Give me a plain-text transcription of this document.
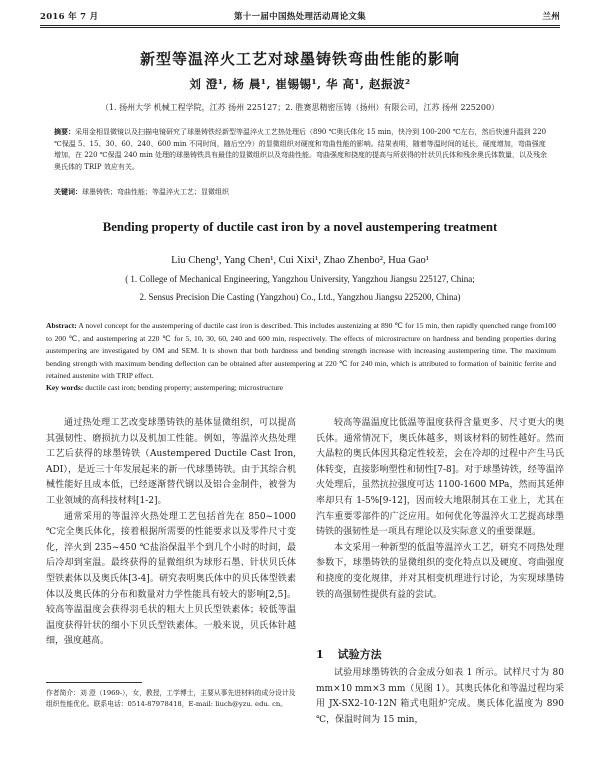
2016 年 7 月	第十一届中国热处理活动周论文集	兰州
新型等温淬火工艺对球墨铸铁弯曲性能的影响
刘 澄¹, 杨 晨¹, 崔锡锡¹, 华 高¹, 赵振波²
（1. 扬州大学 机械工程学院，江苏 扬州 225127；2. 胜赛思精密压铸（扬州）有限公司，江苏 扬州 225200）
摘要：采用金相显微镜以及扫描电镜研究了球墨铸铁经新型等温淬火工艺热处理后（890 ℃奥氏体化 15 min，快冷到 100-200 ℃左右，然后快速升温到 220 ℃保温 5、15、30、60、240、600 min 不同时间，随后空冷）的显微组织对硬度和弯曲性能的影响。结果表明，随着等温时间的延长，硬度增加，弯曲强度增加，在 220 ℃保温 240 min 处理的球墨铸铁具有最佳的显微组织以及弯曲性能。弯曲强度和挠度的提高与所获得的针状贝氏体和残余奥氏体数量，以及残余奥氏体的 TRIP 效应有关。
关键词：球墨铸铁；弯曲性能；等温淬火工艺；显微组织
Bending property of ductile cast iron by a novel austempering treatment
Liu Cheng¹, Yang Chen¹, Cui Xixi¹, Zhao Zhenbo², Hua Gao¹
( 1. College of Mechanical Engineering, Yangzhou University, Yangzhou Jiangsu 225127, China;
2. Sensus Precision Die Casting (Yangzhou) Co., Ltd., Yangzhou Jiangsu 225200, China)
Abstract: A novel concept for the austempering of ductile cast iron is described. This includes austenizing at 890 ℃ for 15 min, then rapidly quenched range from100 to 200 ℃, and austempering at 220 ℃ for 5, 10, 30, 60, 240 and 600 min, respectively. The effects of microstructure on hardness and bending properties during austempering are investigated by OM and SEM. It is shown that both hardness and bending strength increase with increasing austempering time. The maximum bending strength with maximum bending deflection can be obtained after austempering at 220 ℃ for 240 min, which is attributed to formation of bainitic ferrite and retained austenite with TRIP effect.
Key words: ductile cast iron; bending property; austempering; microstructure

通过热处理工艺改变球墨铸铁的基体显微组织，可以提高其强韧性、磨损抗力以及机加工性能。例如，等温淬火热处理工艺后获得的球墨铸铁（Austempered Ductile Cast Iron, ADI），是近三十年发展起来的新一代球墨铸铁。由于其综合机械性能好且成本低，已经逐渐替代钢以及铝合金制件，被誉为工业领域的高科技材料[1-2]。

通常采用的等温淬火热处理工艺包括首先在 850~1000 ℃完全奥氏体化，接着根据所需要的性能要求以及零件尺寸变化，淬火到 235~450 ℃盐浴保温半个到几个小时的时间，最后冷却到室温。最终获得的显微组织为球形石墨、针状贝氏体型铁素体以及奥氏体[3-4]。研究表明奥氏体中的贝氏体型铁素体以及奥氏体的分布和数量对力学性能具有较大的影响[2,5]。较高等温温度会获得羽毛状的粗大上贝氏型铁素体；较低等温温度获得针状的细小下贝氏型铁素体。一般来说，贝氏体针越细，强度越高。

作者简介：刘 澄（1969-），女，教授，工学博士，主要从事先进材料的成分设计及组织性能优化。联系电话：0514-87978418，E-mail: liuch@yzu. edu. cn。

较高等温温度比低温等温度获得含量更多、尺寸更大的奥氏体。通常情况下，奥氏体越多，则该材料的韧性越好。然而大晶粒的奥氏体因其稳定性较差，会在冷却的过程中产生马氏体转变，直接影响塑性和韧性[7-8]。对于球墨铸铁，经等温淬火处理后，虽然抗拉强度可达 1100-1600 MPa，然而其延伸率却只有 1-5%[9-12]，因而较大地限制其在工业上，尤其在汽车重要零部件的广泛应用。如何优化等温淬火工艺提高球墨铸铁的强韧性是一项具有理论以及实际意义的重要课题。

本文采用一种新型的低温等温淬火工艺，研究不同热处理参数下，球墨铸铁的显微组织的变化特点以及硬度、弯曲强度和挠度的变化规律，并对其相变机理进行讨论，为实现球墨铸铁的高强韧性提供有益的尝试。

1 试验方法

试验用球墨铸铁的合金成分如表 1 所示。试样尺寸为 80 mm×10 mm×3 mm（见图 1）。其奥氏体化和等温过程均采用 JX-SX2-10-12N 箱式电阻炉完成。奥氏体化温度为 890 ℃，保温时间为 15 min，
